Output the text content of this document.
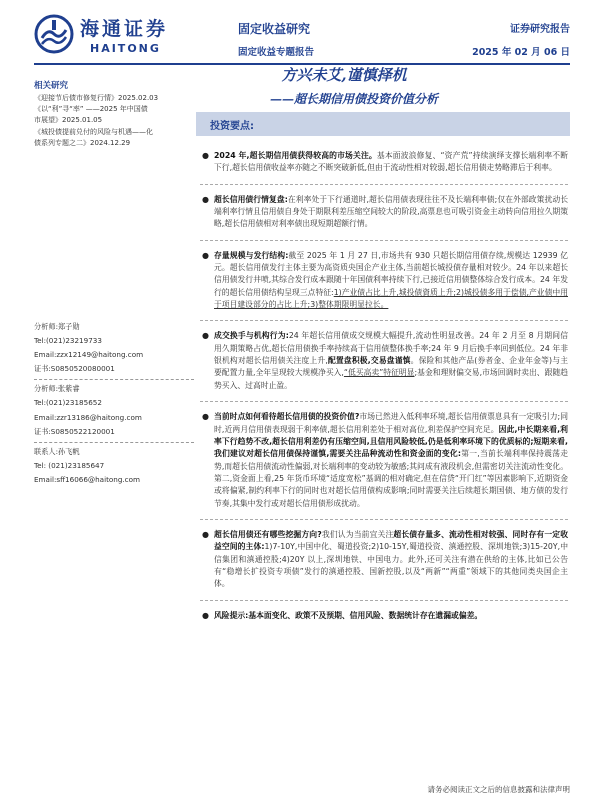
海通证券
HAITONG
固定收益研究
固定收益专题报告
证券研究报告
2025 年 02 月 06 日
相关研究
《迎接节后债市修复行情》2025.02.03
《以“利”寻“率” ——2025 年中国债
市展望》2025.01.05
《城投债提前兑付的风险与机遇——化
债系列专题之二》2024.12.29
分析师:郑子勋
Tel:(021)23219733
Email:zzx12149@haitong.com
证书:S0850520080001
分析师:张紫睿
Tel:(021)23185652
Email:zzr13186@haitong.com
证书:S0850522120001
联系人:孙飞帆
Tel: (021)23185647
Email:sff16066@haitong.com
方兴未艾,谨慎择机
——超长期信用债投资价值分析
投资要点:
● 2024 年,超长期信用债获得较高的市场关注。基本面波浪修复、“资产荒”持续演绎支撑长端利率不断下行,超长信用债收益率亦随之不断突破新低,但由于流动性相对较弱,超长信用债走势略滞后于利率。
● 超长信用债行情复盘:在利率处于下行通道时,超长信用债表现往往不及长端利率债;仅在外部政策扰动长端利率行情且信用债自身处于期限利差压缩空间较大的阶段,高票息也可吸引资金主动转向信用拉久期策略,超长信用债相对利率债出现短期超额行情。
● 存量规模与发行结构:截至 2025 年 1 月 27 日,市场共有 930 只超长期信用债存续,规模达 12939 亿元。超长信用债发行主体主要为高资质央国企产业主体,当前超长城投债存量相对较少。24 年以来超长信用债发行井喷,其综合发行成本跟随十年国债利率持续下行,已接近信用债整体综合发行成本。24 年发行的超长信用债结构呈现三点特征:1)产业债占比上升,城投债資质上升;2)城投债多用于偿债,产业债中用于项目建设部分的占比上升;3)整体期限明显拉长。
● 成交换手与机构行为:24 年超长信用债成交规模大幅提升,流动性明显改善。24 年 2 月至 8 月期间信用久期策略占优,超长信用债换手率持续高于信用债整体换手率;24 年 9 月后换手率回到低位。24 年非银机构对超长信用债关注度上升,配置盘积极,交易盘谨慎。保险和其他产品(券者金、企业年金等)与主要配置力量,全年呈现较大规模净买入,“低买高卖”特征明显;基金和理财偏交易,市场回调时卖出、跟随趋势买入、过高时止盈。
● 当前时点如何看待超长信用债的投资价值?市场已然进入低利率环境,超长信用债票息具有一定吸引力;同时,近两月信用债表现弱于利率债,超长信用利差处于相对高位,利差保护空间充足。因此,中长期来看,利率下行趋势不改,超长信用利差仍有压缩空间,且信用风险较低,仍是低利率环境下的优质标的;短期来看,我们建议对超长信用债保持谨慎,需要关注品种流动性和资金面的变化:第一,当前长端利率保持震荡走势,而超长信用债流动性偏弱,对长端利率的变动较为敏感;其问成有液段机会,但需密切关注流动性变化。第二,资金面上看,25 年货币环境“适度宽松”基调的相对确定,但在信贷“开门红”等因素影响下,近期资金或将偏紧,制约利率下行的同时也对超长信用债构成影响;同时需要关注后续超长期国债、地方债的发行节奏,其集中发行或对超长信用债形成扰动。
● 超长信用债还有哪些挖掘方向?我们认为当前宜关注超长债存量多、流动性相对较强、同时存有一定收益空间的主体:1)7-10Y,中国中化、蜀道投资;2)10-15Y,蜀道投资、滇通控股、深圳地铁;3)15-20Y,中信集团和滇通控股;4)20Y 以上,深圳地铁、中国电力。此外,还可关注有潜在供给的主体,比如已公告有“稳增长扩投资专项债”发行的滇通控股、国新控股,以及“两新”“两重”领域下的其他同类央国企主体。
● 风险提示:基本面变化、政策不及预期、信用风险、数据统计存在遗漏或偏差。
请务必阅读正文之后的信息披露和法律声明
